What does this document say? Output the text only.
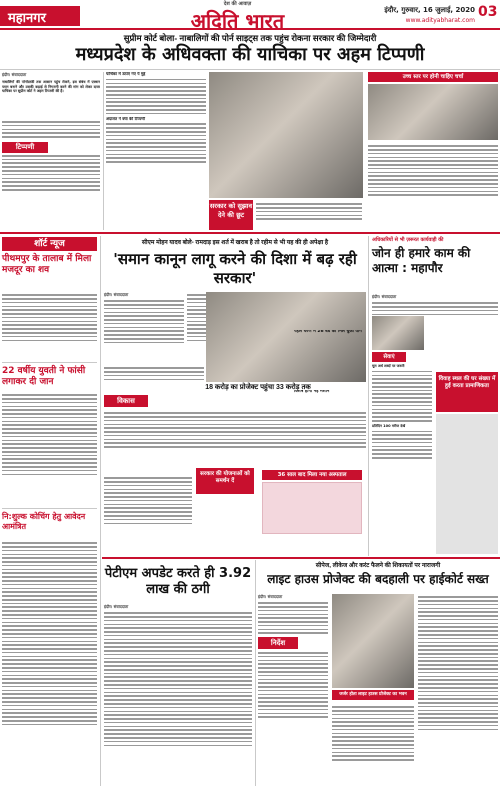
महानगर
देश की आवाज़
अदिति भारत	इंदौर, गुरुवार, 16 जुलाई, 2020
www.adityabharat.com
03
सुप्रीम कोर्ट बोला- नाबालिगों की पोर्न साइट्स तक पहुंच रोकना सरकार की जिम्मेदारी
मध्यप्रदेश के अधिवक्ता की याचिका पर अहम टिप्पणी
इंदौर। संवाददाता
नाबालिगों की पोर्नोग्राफी तक आसान पहुंच रोकने, इस संबंध में एक्शन प्लान बनाने और उसकी कड़ाई से निगरानी करने की मांग को लेकर दायर याचिका पर सुप्रीम कोर्ट ने अहम टिप्पणी की है।
टिप्पणी
याचिका में उठाए गए ये मुद्दे
अदालत ने क्या की टिप्पणी
सरकार को सुझाव देने की छूट
उच्च स्तर पर होनी चाहिए चर्चा
शॉर्ट न्यूज
पीथमपुर के तालाब में मिला मजदूर का शव
22 वर्षीय युवती ने फांसी लगाकर दी जान
नि:शुल्क कोचिंग हेतु आवेदन आमंत्रित
सीएम मोहन यादव बोले- रामदाड़ इस शर्त में खराब है तो रहीम से भी यह की ही अपेक्षा है
'समान कानून लागू करने की दिशा में बढ़ रही सरकार'
इंदौर। संवाददाता
विकास
18 करोड़ का प्रोजेक्ट पहुंचा 33 करोड़ तक
सरकार की योजनाओं को समर्थन दें
36 साल बाद मिला नया अस्पताल
पहले चरण में 26 बेड की मिल चुका योग
विशेष होगी नई मशीन
अधिकारियों से भी ज़रूरत कार्यवाही की
जोन ही हमारे काम की आत्मा : महापौर
इंदौर। संवाददाता
सेवाएं
मूल अर्थ शब्दों पर जरूरी
प्रतिदिन 100 मरीज देखें
विवाह स्थल की घर संख्या में हुई करता प्रामाणिकता
पेटीएम अपडेट करते ही 3.92 लाख की ठगी
इंदौर। संवाददाता
सीपेज, लीकेज और करंट फैलने की शिकायतों पर नाराजगी
लाइट हाउस प्रोजेक्ट की बदहाली पर हाईकोर्ट सख्त
इंदौर। संवाददाता
निर्देश
जर्जर होता लाइट हाउस प्रोजेक्ट का भवन
